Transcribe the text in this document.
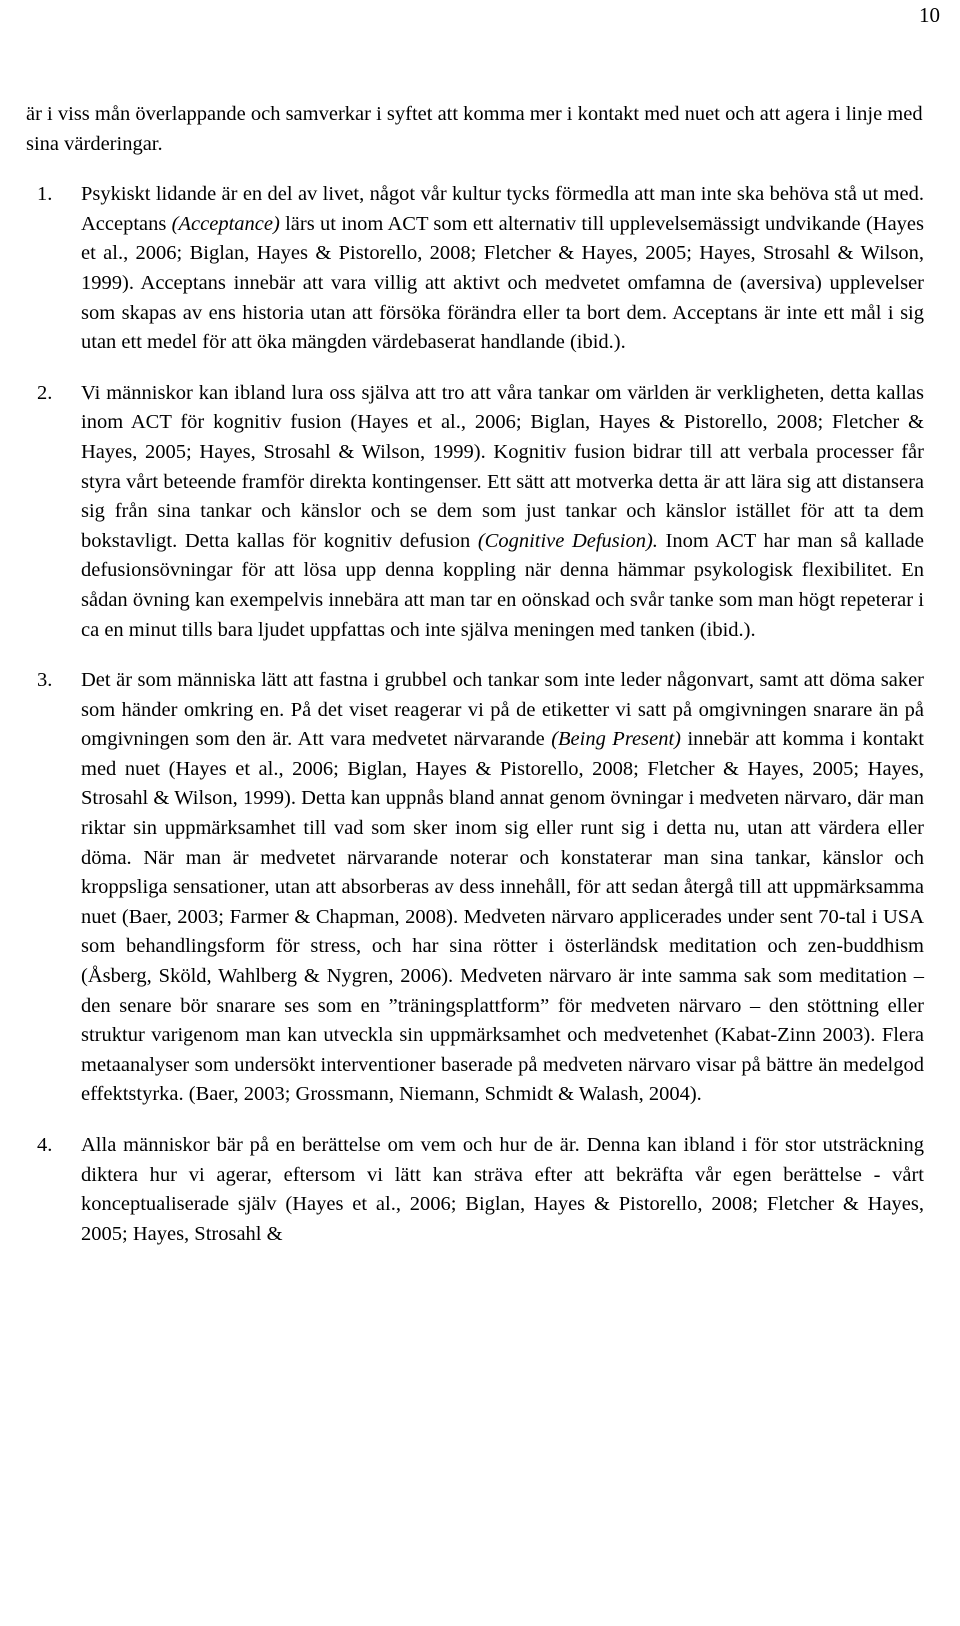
10

är i viss mån överlappande och samverkar i syftet att komma mer i kontakt med nuet och att agera i linje med sina värderingar.

1. Psykiskt lidande är en del av livet, något vår kultur tycks förmedla att man inte ska behöva stå ut med. Acceptans (Acceptance) lärs ut inom ACT som ett alternativ till upplevelsemässigt undvikande (Hayes et al., 2006; Biglan, Hayes & Pistorello, 2008; Fletcher & Hayes, 2005; Hayes, Strosahl & Wilson, 1999). Acceptans innebär att vara villig att aktivt och medvetet omfamna de (aversiva) upplevelser som skapas av ens historia utan att försöka förändra eller ta bort dem. Acceptans är inte ett mål i sig utan ett medel för att öka mängden värdebaserat handlande (ibid.).
2. Vi människor kan ibland lura oss själva att tro att våra tankar om världen är verkligheten, detta kallas inom ACT för kognitiv fusion (Hayes et al., 2006; Biglan, Hayes & Pistorello, 2008; Fletcher & Hayes, 2005; Hayes, Strosahl & Wilson, 1999). Kognitiv fusion bidrar till att verbala processer får styra vårt beteende framför direkta kontingenser. Ett sätt att motverka detta är att lära sig att distansera sig från sina tankar och känslor och se dem som just tankar och känslor istället för att ta dem bokstavligt. Detta kallas för kognitiv defusion (Cognitive Defusion). Inom ACT har man så kallade defusionsövningar för att lösa upp denna koppling när denna hämmar psykologisk flexibilitet. En sådan övning kan exempelvis innebära att man tar en oönskad och svår tanke som man högt repeterar i ca en minut tills bara ljudet uppfattas och inte själva meningen med tanken (ibid.).
3. Det är som människa lätt att fastna i grubbel och tankar som inte leder någonvart, samt att döma saker som händer omkring en. På det viset reagerar vi på de etiketter vi satt på omgivningen snarare än på omgivningen som den är. Att vara medvetet närvarande (Being Present) innebär att komma i kontakt med nuet (Hayes et al., 2006; Biglan, Hayes & Pistorello, 2008; Fletcher & Hayes, 2005; Hayes, Strosahl & Wilson, 1999). Detta kan uppnås bland annat genom övningar i medveten närvaro, där man riktar sin uppmärksamhet till vad som sker inom sig eller runt sig i detta nu, utan att värdera eller döma. När man är medvetet närvarande noterar och konstaterar man sina tankar, känslor och kroppsliga sensationer, utan att absorberas av dess innehåll, för att sedan återgå till att uppmärksamma nuet (Baer, 2003; Farmer & Chapman, 2008). Medveten närvaro applicerades under sent 70-tal i USA som behandlingsform för stress, och har sina rötter i österländsk meditation och zen-buddhism (Åsberg, Sköld, Wahlberg & Nygren, 2006). Medveten närvaro är inte samma sak som meditation – den senare bör snarare ses som en ”träningsplattform” för medveten närvaro – den stöttning eller struktur varigenom man kan utveckla sin uppmärksamhet och medvetenhet (Kabat-Zinn 2003). Flera metaanalyser som undersökt interventioner baserade på medveten närvaro visar på bättre än medelgod effektstyrka. (Baer, 2003; Grossmann, Niemann, Schmidt & Walash, 2004).
4. Alla människor bär på en berättelse om vem och hur de är. Denna kan ibland i för stor utsträckning diktera hur vi agerar, eftersom vi lätt kan sträva efter att bekräfta vår egen berättelse - vårt konceptualiserade själv (Hayes et al., 2006; Biglan, Hayes & Pistorello, 2008; Fletcher & Hayes, 2005; Hayes, Strosahl &
